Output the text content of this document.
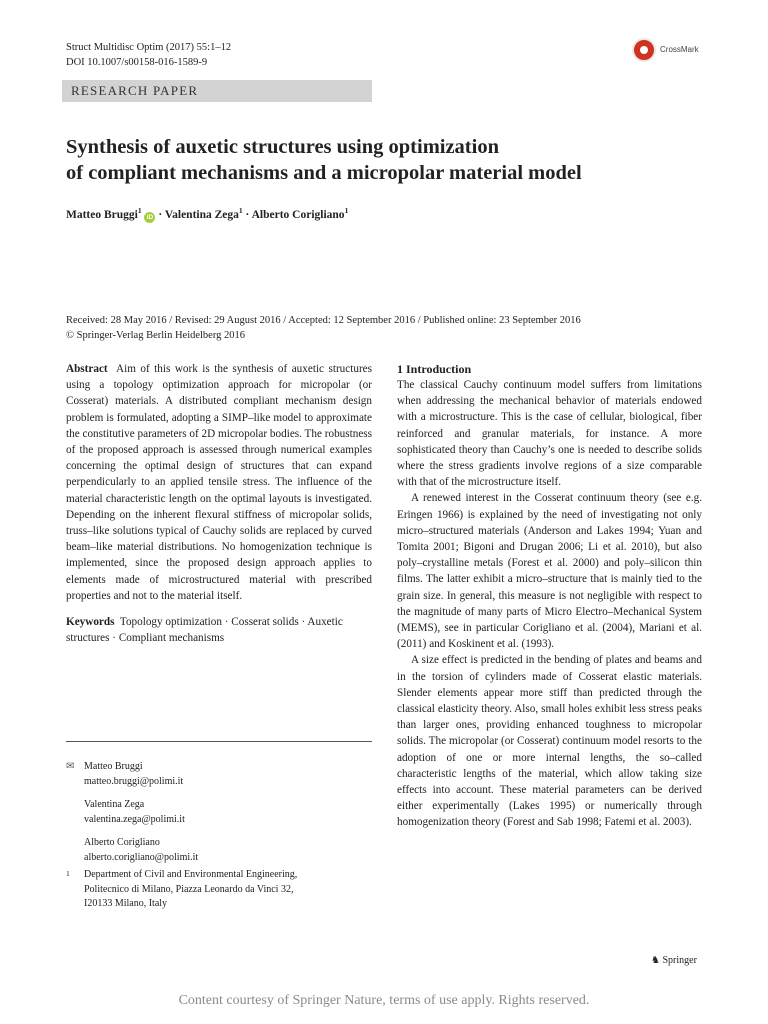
Struct Multidisc Optim (2017) 55:1–12
DOI 10.1007/s00158-016-1589-9
CrossMark
RESEARCH PAPER
Synthesis of auxetic structures using optimization
of compliant mechanisms and a micropolar material model
Matteo Bruggi$^1$ iD · Valentina Zega$^1$ · Alberto Corigliano$^1$
Received: 28 May 2016 / Revised: 29 August 2016 / Accepted: 12 September 2016 / Published online: 23 September 2016
© Springer-Verlag Berlin Heidelberg 2016

Abstract Aim of this work is the synthesis of auxetic structures using a topology optimization approach for micropolar (or Cosserat) materials. A distributed compliant mechanism design problem is formulated, adopting a SIMP–like model to approximate the constitutive parameters of 2D micropolar bodies. The robustness of the proposed approach is assessed through numerical examples concerning the optimal design of structures that can expand perpendicularly to an applied tensile stress. The influence of the material characteristic length on the optimal layouts is investigated. Depending on the inherent flexural stiffness of micropolar solids, truss–like solutions typical of Cauchy solids are replaced by curved beam–like material distributions. No homogenization technique is implemented, since the proposed design approach applies to elements made of microstructured material with prescribed properties and not to the material itself.

Keywords Topology optimization · Cosserat solids · Auxetic structures · Compliant mechanisms

✉ Matteo Bruggi
matteo.bruggi@polimi.it
Valentina Zega
valentina.zega@polimi.it
Alberto Corigliano
alberto.corigliano@polimi.it
1 Department of Civil and Environmental Engineering,
Politecnico di Milano, Piazza Leonardo da Vinci 32,
I20133 Milano, Italy

1 Introduction

The classical Cauchy continuum model suffers from limitations when addressing the mechanical behavior of materials endowed with a microstructure. This is the case of cellular, biological, fiber reinforced and granular materials, for instance. A more sophisticated theory than Cauchy’s one is needed to describe solids where the stress gradients involve regions of a size comparable with that of the microstructure itself.

A renewed interest in the Cosserat continuum theory (see e.g. Eringen 1966) is explained by the need of investigating not only micro–structured materials (Anderson and Lakes 1994; Yuan and Tomita 2001; Bigoni and Drugan 2006; Li et al. 2010), but also poly–crystalline metals (Forest et al. 2000) and poly–silicon thin films. The latter exhibit a micro–structure that is mainly tied to the grain size. In general, this measure is not negligible with respect to the magnitude of many parts of Micro Electro–Mechanical System (MEMS), see in particular Corigliano et al. (2004), Mariani et al. (2011) and Koskinent et al. (1993).

A size effect is predicted in the bending of plates and beams and in the torsion of cylinders made of Cosserat elastic materials. Slender elements appear more stiff than predicted through the classical elasticity theory. Also, small holes exhibit less stress peaks than larger ones, providing enhanced toughness to micropolar solids. The micropolar (or Cosserat) continuum model resorts to the adoption of one or more internal lengths, the so–called characteristic lengths of the material, which allow taking size effects into account. These material parameters can be derived either experimentally (Lakes 1995) or numerically through homogenization theory (Forest and Sab 1998; Fatemi et al. 2003).

♞ Springer
Content courtesy of Springer Nature, terms of use apply. Rights reserved.
